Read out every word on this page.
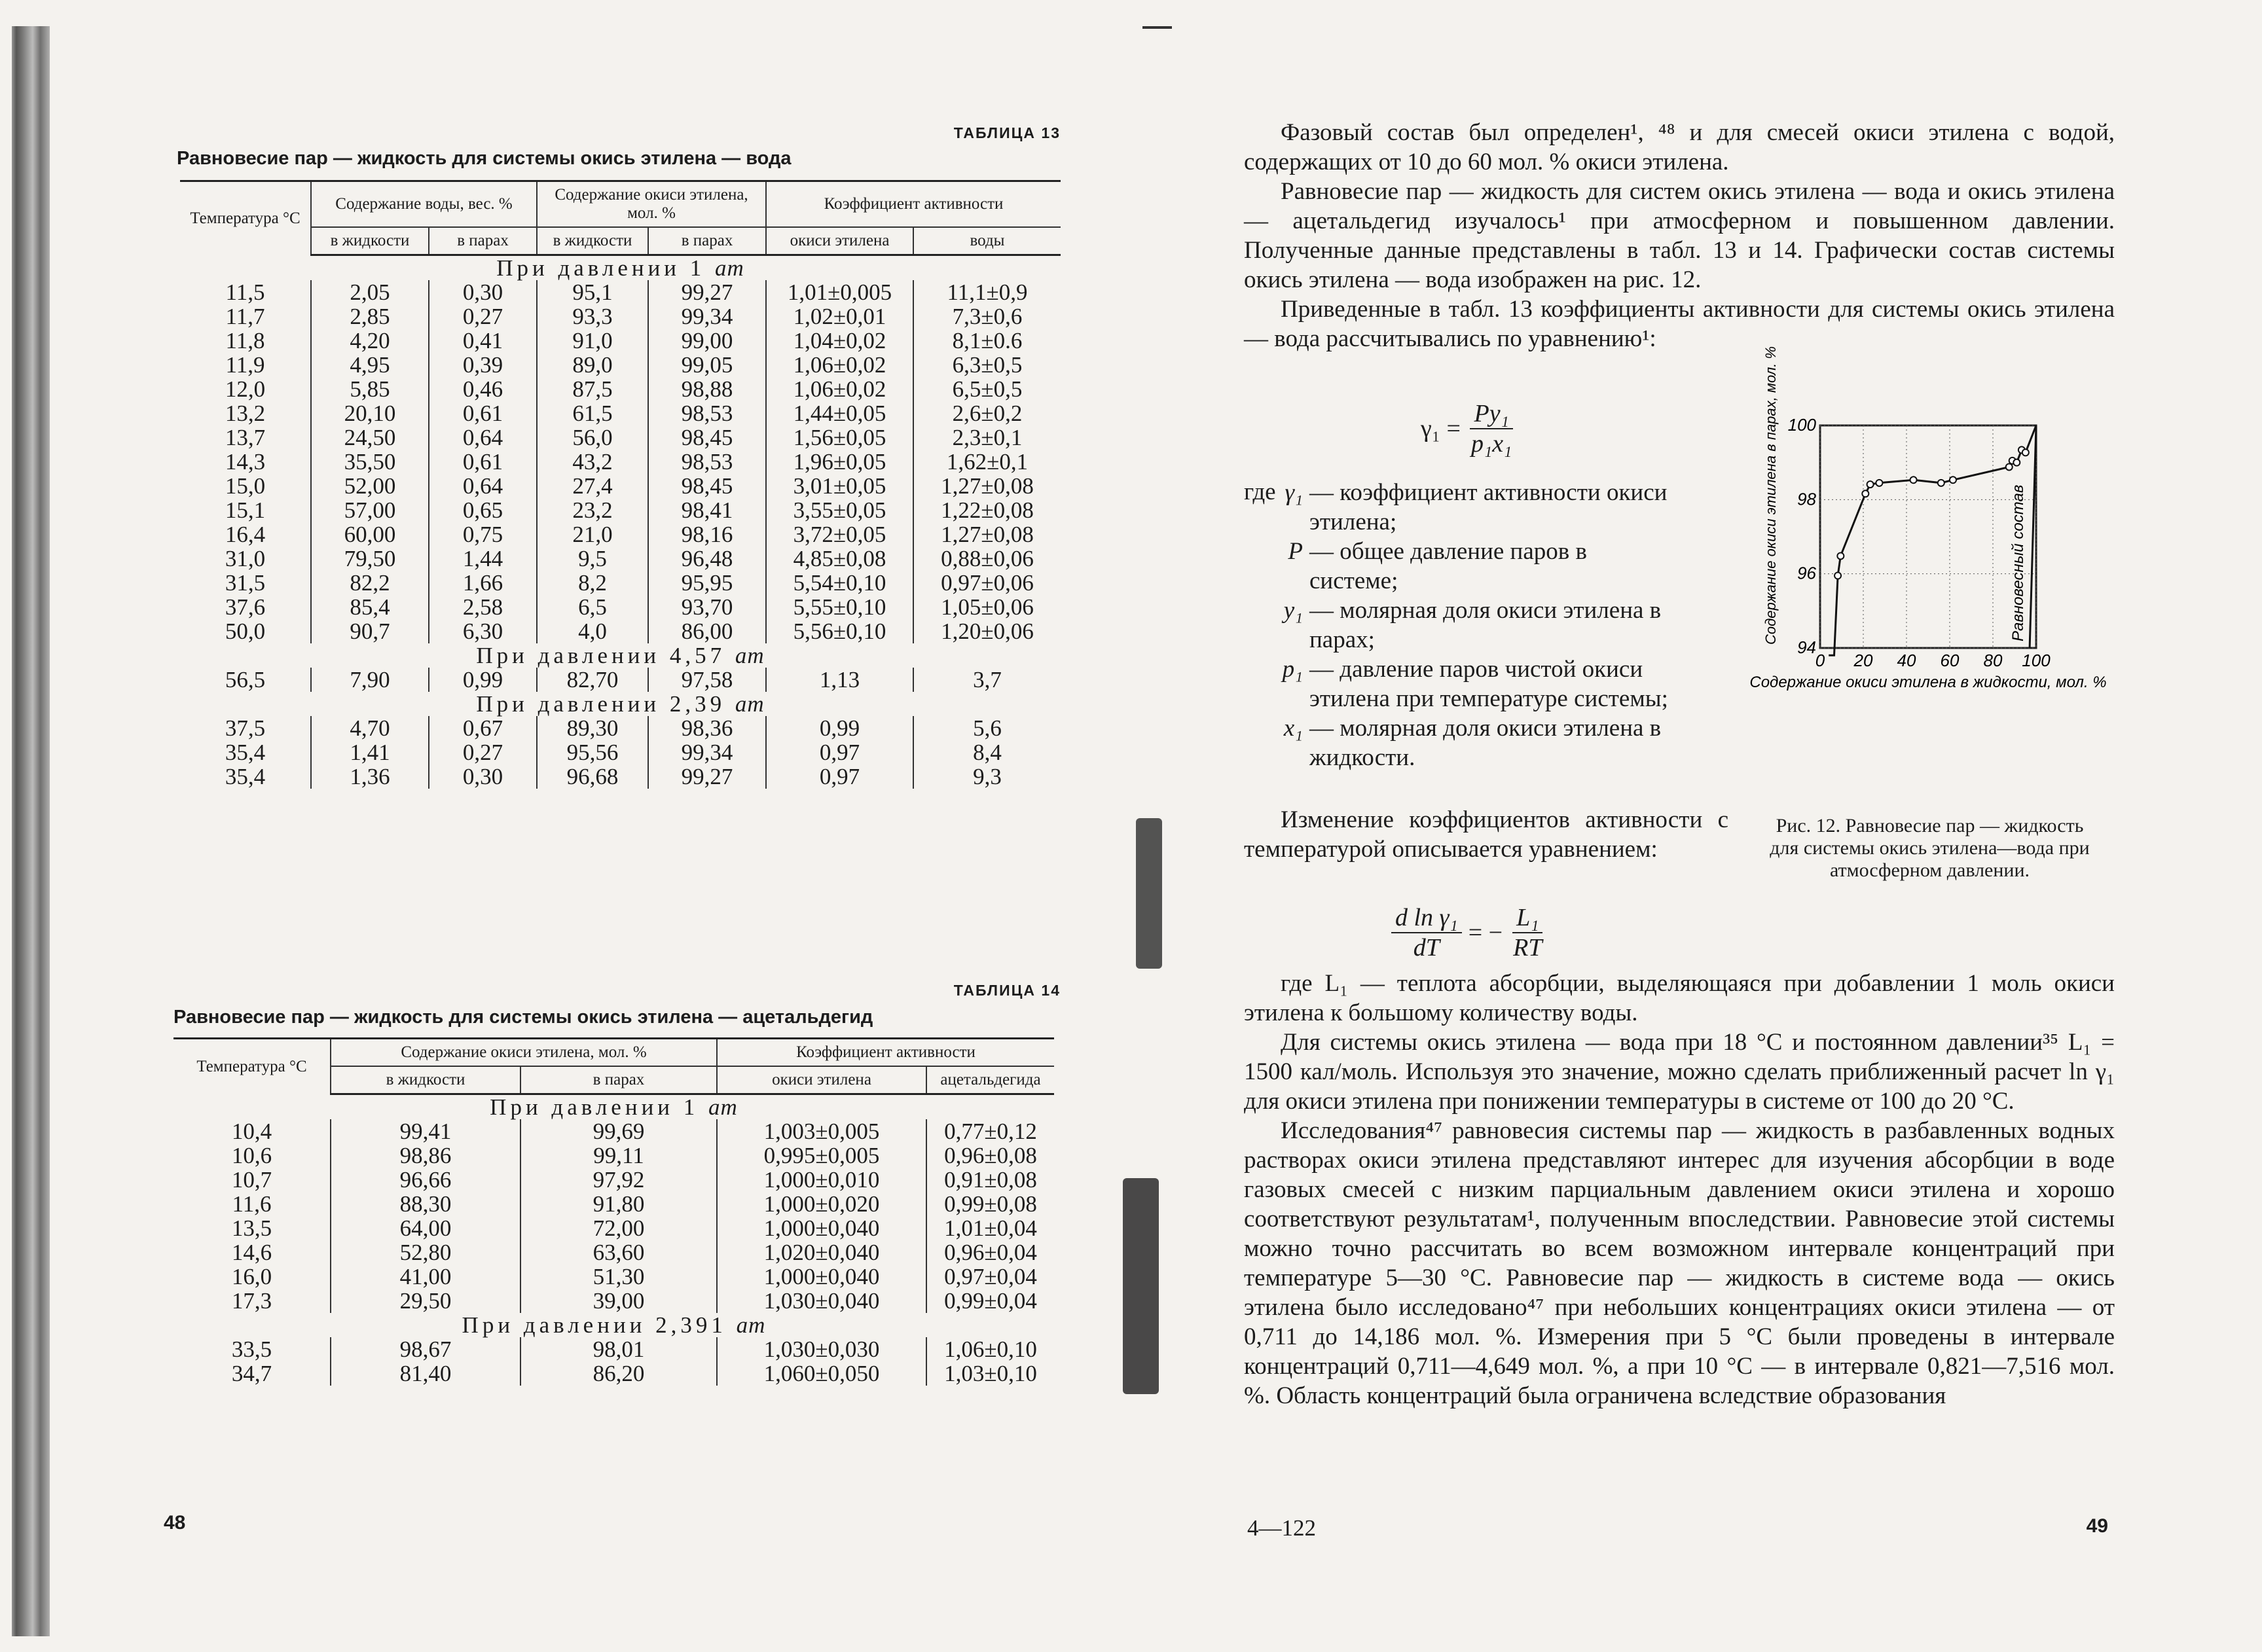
ТАБЛИЦА 13
Равновесие пар — жидкость для системы окись этилена — вода
Температура °С	Содержание воды, вес. %		Содержание окиси этилена, мол. %		Коэффициент активности	
	в жидкости	в парах	в жидкости	в парах	окиси этилена	воды
При давлении 1 ат						
11,5	2,05	0,30	95,1	99,27	1,01±0,005	11,1±0,9
11,7	2,85	0,27	93,3	99,34	1,02±0,01	7,3±0,6
11,8	4,20	0,41	91,0	99,00	1,04±0,02	8,1±0.6
11,9	4,95	0,39	89,0	99,05	1,06±0,02	6,3±0,5
12,0	5,85	0,46	87,5	98,88	1,06±0,02	6,5±0,5
13,2	20,10	0,61	61,5	98,53	1,44±0,05	2,6±0,2
13,7	24,50	0,64	56,0	98,45	1,56±0,05	2,3±0,1
14,3	35,50	0,61	43,2	98,53	1,96±0,05	1,62±0,1
15,0	52,00	0,64	27,4	98,45	3,01±0,05	1,27±0,08
15,1	57,00	0,65	23,2	98,41	3,55±0,05	1,22±0,08
16,4	60,00	0,75	21,0	98,16	3,72±0,05	1,27±0,08
31,0	79,50	1,44	9,5	96,48	4,85±0,08	0,88±0,06
31,5	82,2	1,66	8,2	95,95	5,54±0,10	0,97±0,06
37,6	85,4	2,58	6,5	93,70	5,55±0,10	1,05±0,06
50,0	90,7	6,30	4,0	86,00	5,56±0,10	1,20±0,06
При давлении 4,57 ат						
56,5	7,90	0,99	82,70	97,58	1,13	3,7
При давлении 2,39 ат						
37,5	4,70	0,67	89,30	98,36	0,99	5,6
35,4	1,41	0,27	95,56	99,34	0,97	8,4
35,4	1,36	0,30	96,68	99,27	0,97	9,3
ТАБЛИЦА 14
Равновесие пар — жидкость для системы окись этилена — ацетальдегид
Температура °С	Содержание окиси этилена, мол. %		Коэффициент активности	
	в жидкости	в парах	окиси этилена	ацетальдегида
При давлении 1 ат				
10,4	99,41	99,69	1,003±0,005	0,77±0,12
10,6	98,86	99,11	0,995±0,005	0,96±0,08
10,7	96,66	97,92	1,000±0,010	0,91±0,08
11,6	88,30	91,80	1,000±0,020	0,99±0,08
13,5	64,00	72,00	1,000±0,040	1,01±0,04
14,6	52,80	63,60	1,020±0,040	0,96±0,04
16,0	41,00	51,30	1,000±0,040	0,97±0,04
17,3	29,50	39,00	1,030±0,040	0,99±0,04
При давлении 2,391 ат				
33,5	98,67	98,01	1,030±0,030	1,06±0,10
34,7	81,40	86,20	1,060±0,050	1,03±0,10
48

Фазовый состав был определен¹, ⁴⁸ и для смесей окиси этилена с водой, содержащих от 10 до 60 мол. % окиси этилена.

Равновесие пар — жидкость для систем окись этилена — вода и окись этилена — ацетальдегид изучалось¹ при атмосферном и повышенном давлении. Полученные данные представлены в табл. 13 и 14. Графически состав системы окись этилена — вода изображен на рис. 12.

Приведенные в табл. 13 коэффициенты активности для системы окись этилена — вода рассчитывались по уравнению¹:

$\gamma_1 = \frac{\text{Py₁}}{\text{p₁x₁}}$
где γ₁ — коэффициент активности окиси этилена;
P — общее давление паров в системе;
y₁ — молярная доля окиси этилена в парах;
p₁ — давление паров чистой окиси этилена при температуре системы;
x₁ — молярная доля окиси этилена в жидкости.

Изменение коэффициентов активности с температурой описывается уравнением:

$\frac{\text{d ln γ₁}}{dT}$ = − $\frac{\text{L₁}}{RT}$
0 20 40 60 80 100
94
96
98
100
Равновесный состав
Содержание окиси этилена в парах, мол. %
Содержание окиси этилена в жидкости, мол. %
Рис. 12. Равновесие пар — жидкость для системы окись этилена—вода при атмосферном давлении.

где L₁ — теплота абсорбции, выделяющаяся при добавлении 1 моль окиси этилена к большому количеству воды.

Для системы окись этилена — вода при 18 °С и постоянном давлении³⁵ L₁ = 1500 кал/моль. Используя это значение, можно сделать приближенный расчет ln γ₁ для окиси этилена при понижении температуры в системе от 100 до 20 °С.

Исследования⁴⁷ равновесия системы пар — жидкость в разбавленных водных растворах окиси этилена представляют интерес для изучения абсорбции в воде газовых смесей с низким парциальным давлением окиси этилена и хорошо соответствуют результатам¹, полученным впоследствии. Равновесие этой системы можно точно рассчитать во всем возможном интервале концентраций при температуре 5—30 °С. Равновесие пар — жидкость в системе вода — окись этилена было исследовано⁴⁷ при небольших концентрациях окиси этилена — от 0,711 до 14,186 мол. %. Измерения при 5 °С были проведены в интервале концентраций 0,711—4,649 мол. %, а при 10 °С — в интервале 0,821—7,516 мол. %. Область концентраций была ограничена вследствие образования

4—122	49
